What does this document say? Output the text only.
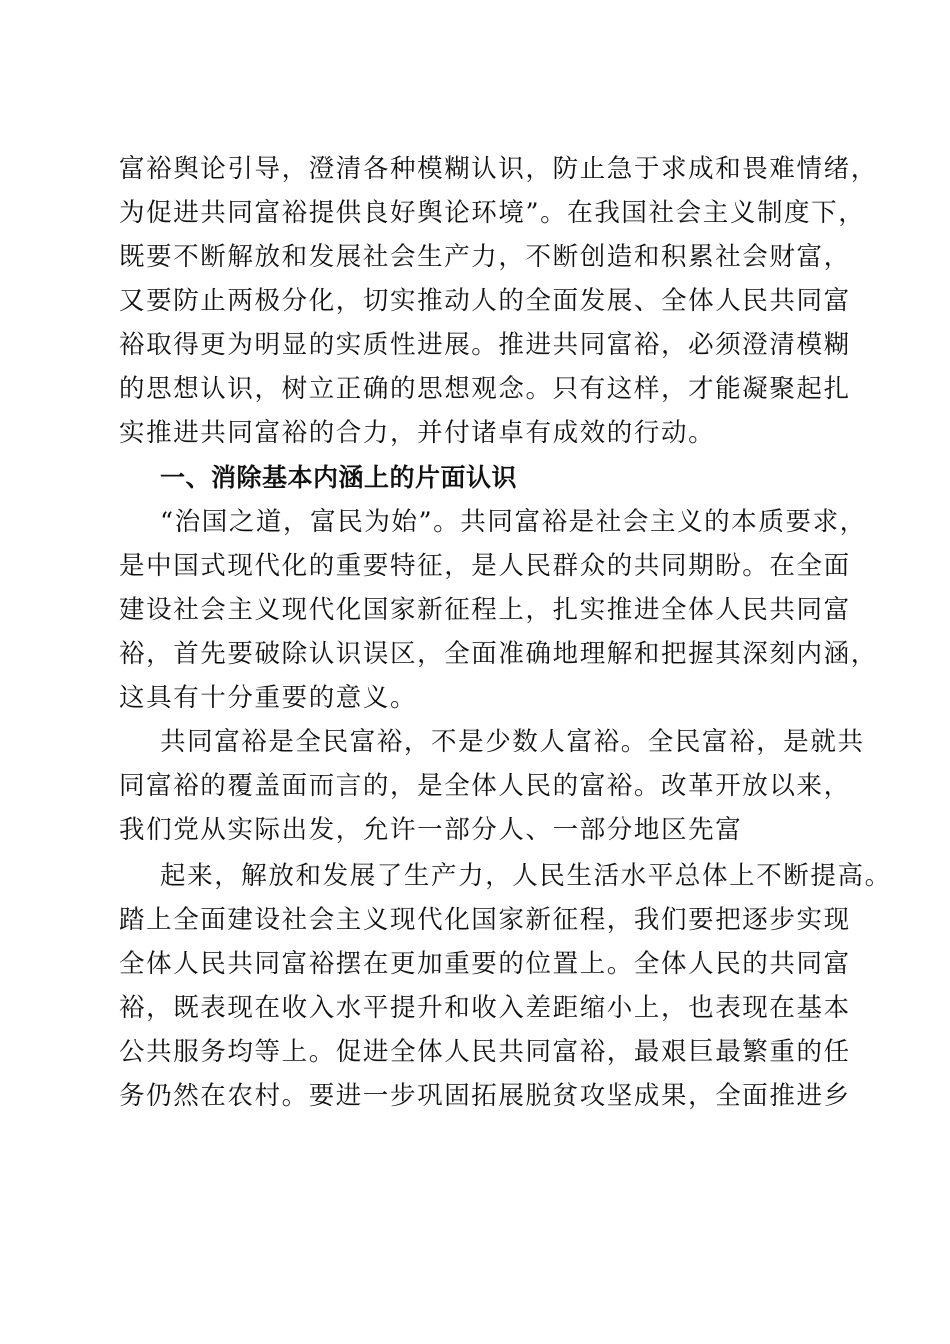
富裕舆论引导，澄清各种模糊认识，防止急于求成和畏难情绪，
为促进共同富裕提供良好舆论环境”。在我国社会主义制度下，
既要不断解放和发展社会生产力，不断创造和积累社会财富，
又要防止两极分化，切实推动人的全面发展、全体人民共同富
裕取得更为明显的实质性进展。推进共同富裕，必须澄清模糊
的思想认识，树立正确的思想观念。只有这样，才能凝聚起扎
实推进共同富裕的合力，并付诸卓有成效的行动。
一、消除基本内涵上的片面认识
“治国之道，富民为始”。共同富裕是社会主义的本质要求，
是中国式现代化的重要特征，是人民群众的共同期盼。在全面
建设社会主义现代化国家新征程上，扎实推进全体人民共同富
裕，首先要破除认识误区，全面准确地理解和把握其深刻内涵，
这具有十分重要的意义。
共同富裕是全民富裕，不是少数人富裕。全民富裕，是就共
同富裕的覆盖面而言的，是全体人民的富裕。改革开放以来，
我们党从实际出发，允许一部分人、一部分地区先富
起来，解放和发展了生产力，人民生活水平总体上不断提高。
踏上全面建设社会主义现代化国家新征程，我们要把逐步实现
全体人民共同富裕摆在更加重要的位置上。全体人民的共同富
裕，既表现在收入水平提升和收入差距缩小上，也表现在基本
公共服务均等上。促进全体人民共同富裕，最艰巨最繁重的任
务仍然在农村。要进一步巩固拓展脱贫攻坚成果，全面推进乡
